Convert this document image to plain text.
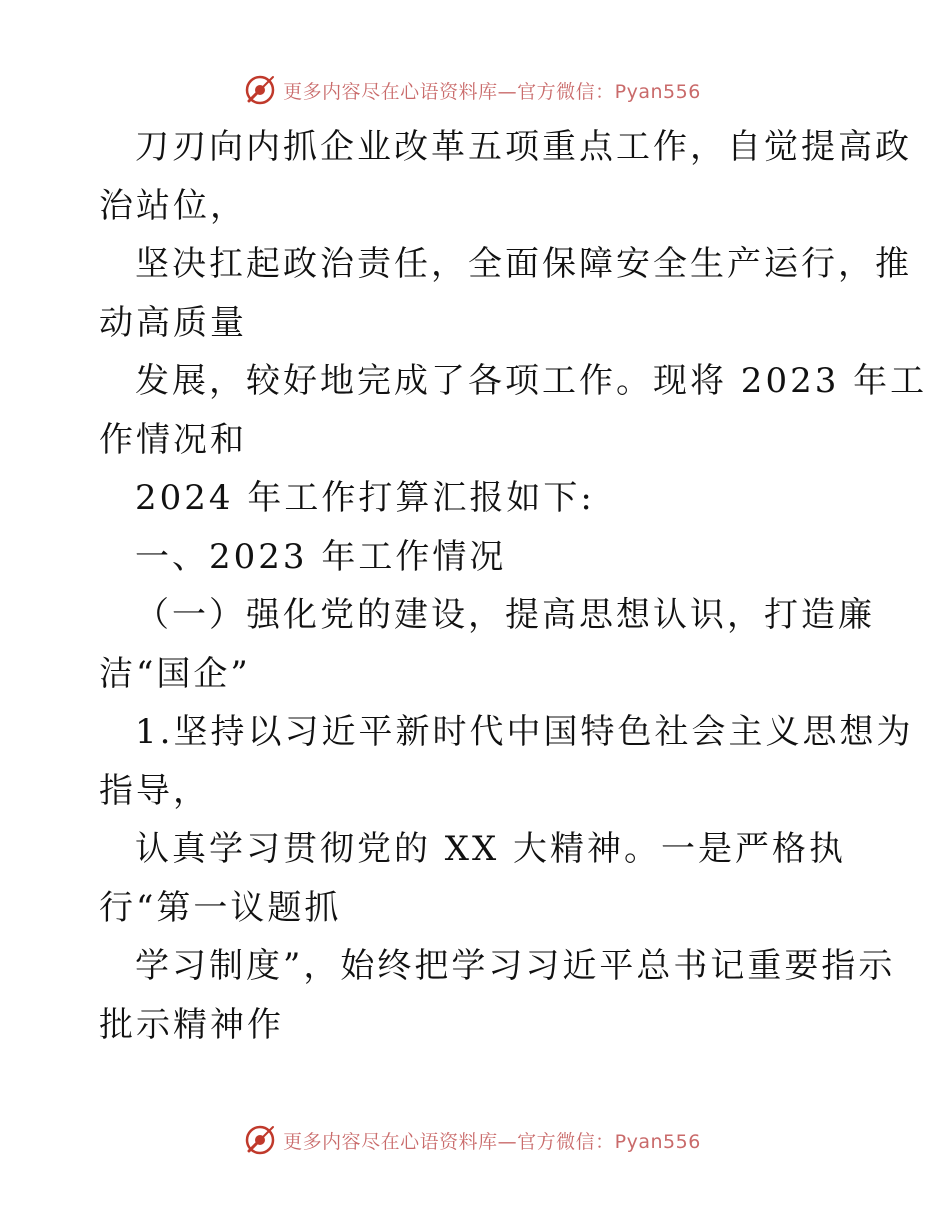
更多内容尽在心语资料库—官方微信：Pyan556
刀刃向内抓企业改革五项重点工作，自觉提高政
治站位，
坚决扛起政治责任，全面保障安全生产运行，推
动高质量
发展，较好地完成了各项工作。现将 2023 年工
作情况和
2024 年工作打算汇报如下:
一、2023 年工作情况
（一）强化党的建设，提高思想认识，打造廉
洁“国企”
1.坚持以习近平新时代中国特色社会主义思想为
指导，
认真学习贯彻党的 XX 大精神。一是严格执
行“第一议题抓
学习制度”，始终把学习习近平总书记重要指示
批示精神作
更多内容尽在心语资料库—官方微信：Pyan556
